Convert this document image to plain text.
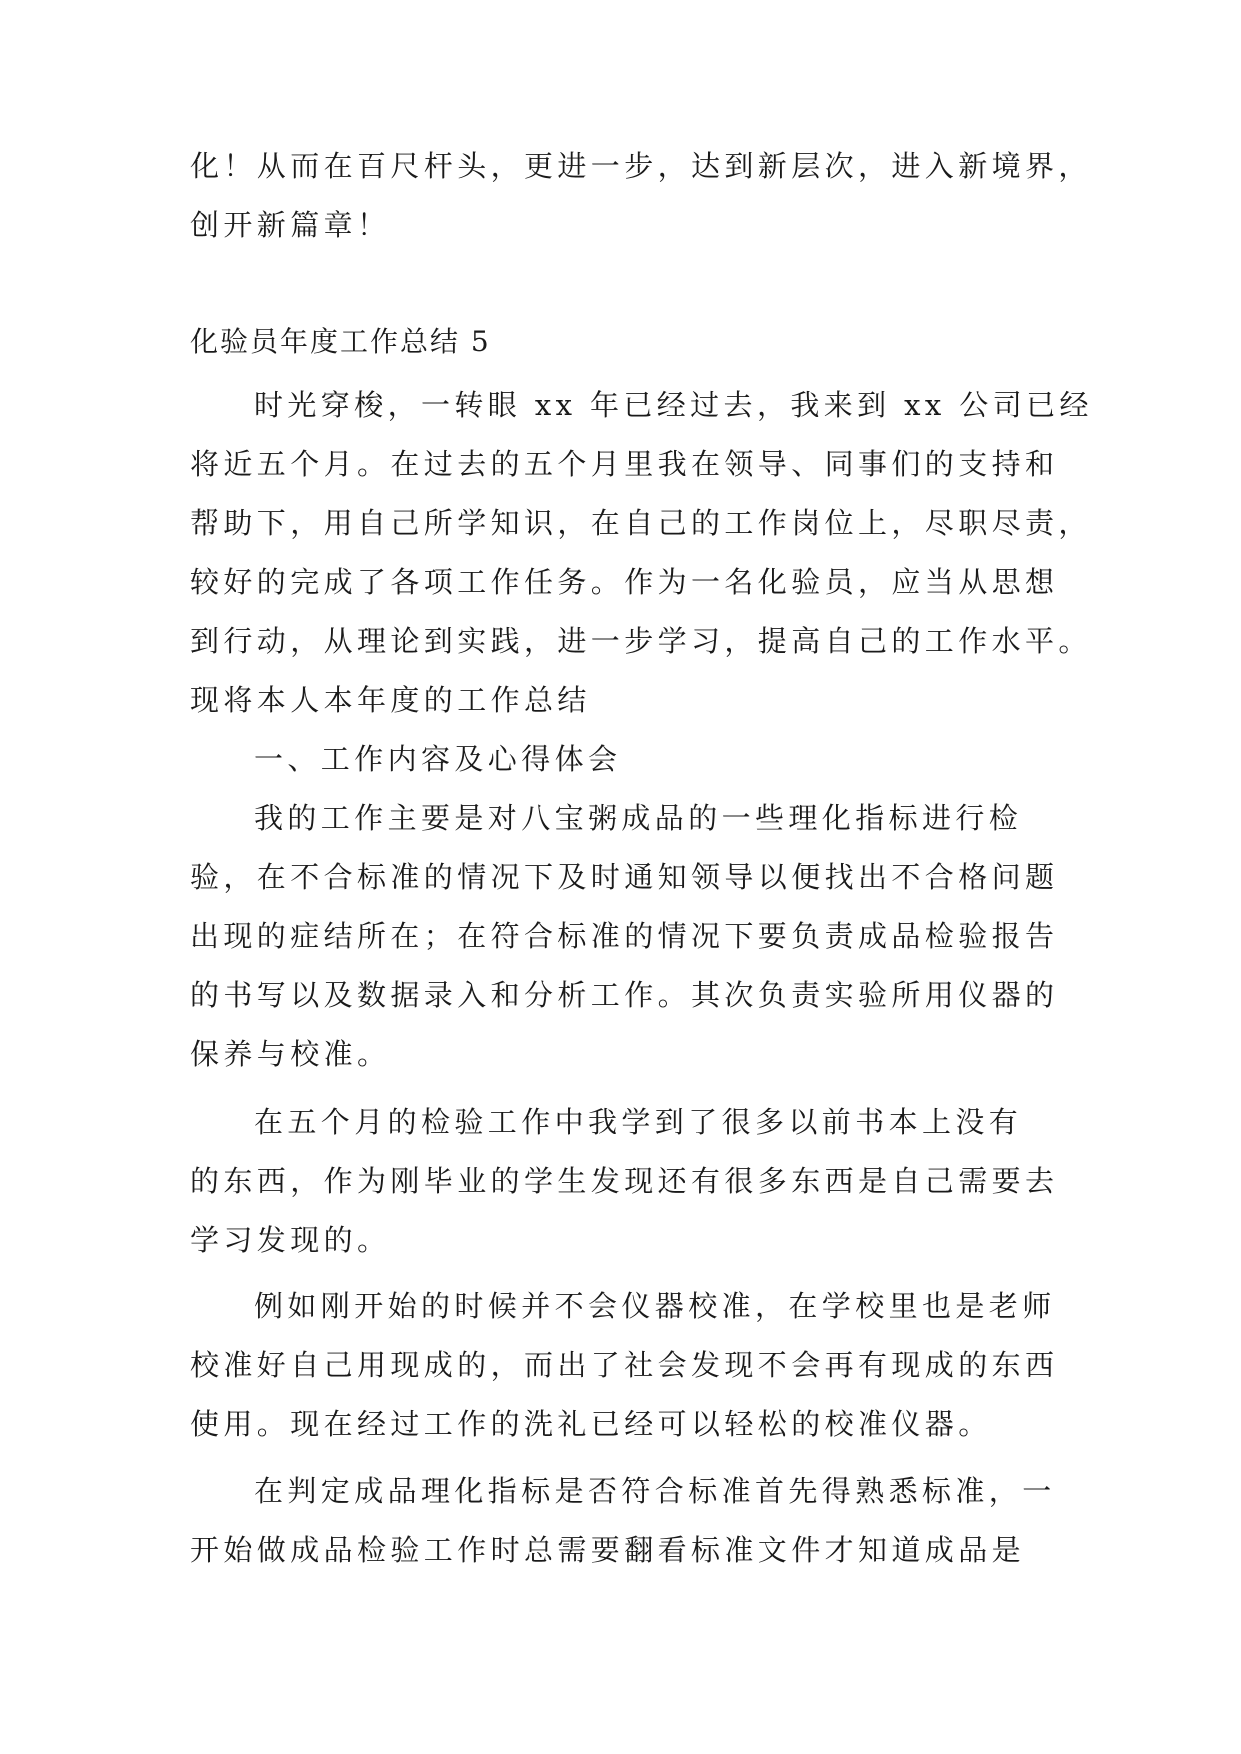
化！从而在百尺杆头，更进一步，达到新层次，进入新境界，
创开新篇章！
化验员年度工作总结 5
时光穿梭，一转眼 xx 年已经过去，我来到 xx 公司已经
将近五个月。在过去的五个月里我在领导、同事们的支持和
帮助下，用自己所学知识，在自己的工作岗位上，尽职尽责，
较好的完成了各项工作任务。作为一名化验员，应当从思想
到行动，从理论到实践，进一步学习，提高自己的工作水平。
现将本人本年度的工作总结
一、工作内容及心得体会
我的工作主要是对八宝粥成品的一些理化指标进行检
验，在不合标准的情况下及时通知领导以便找出不合格问题
出现的症结所在；在符合标准的情况下要负责成品检验报告
的书写以及数据录入和分析工作。其次负责实验所用仪器的
保养与校准。
在五个月的检验工作中我学到了很多以前书本上没有
的东西，作为刚毕业的学生发现还有很多东西是自己需要去
学习发现的。
例如刚开始的时候并不会仪器校准，在学校里也是老师
校准好自己用现成的，而出了社会发现不会再有现成的东西
使用。现在经过工作的洗礼已经可以轻松的校准仪器。
在判定成品理化指标是否符合标准首先得熟悉标准，一
开始做成品检验工作时总需要翻看标准文件才知道成品是
